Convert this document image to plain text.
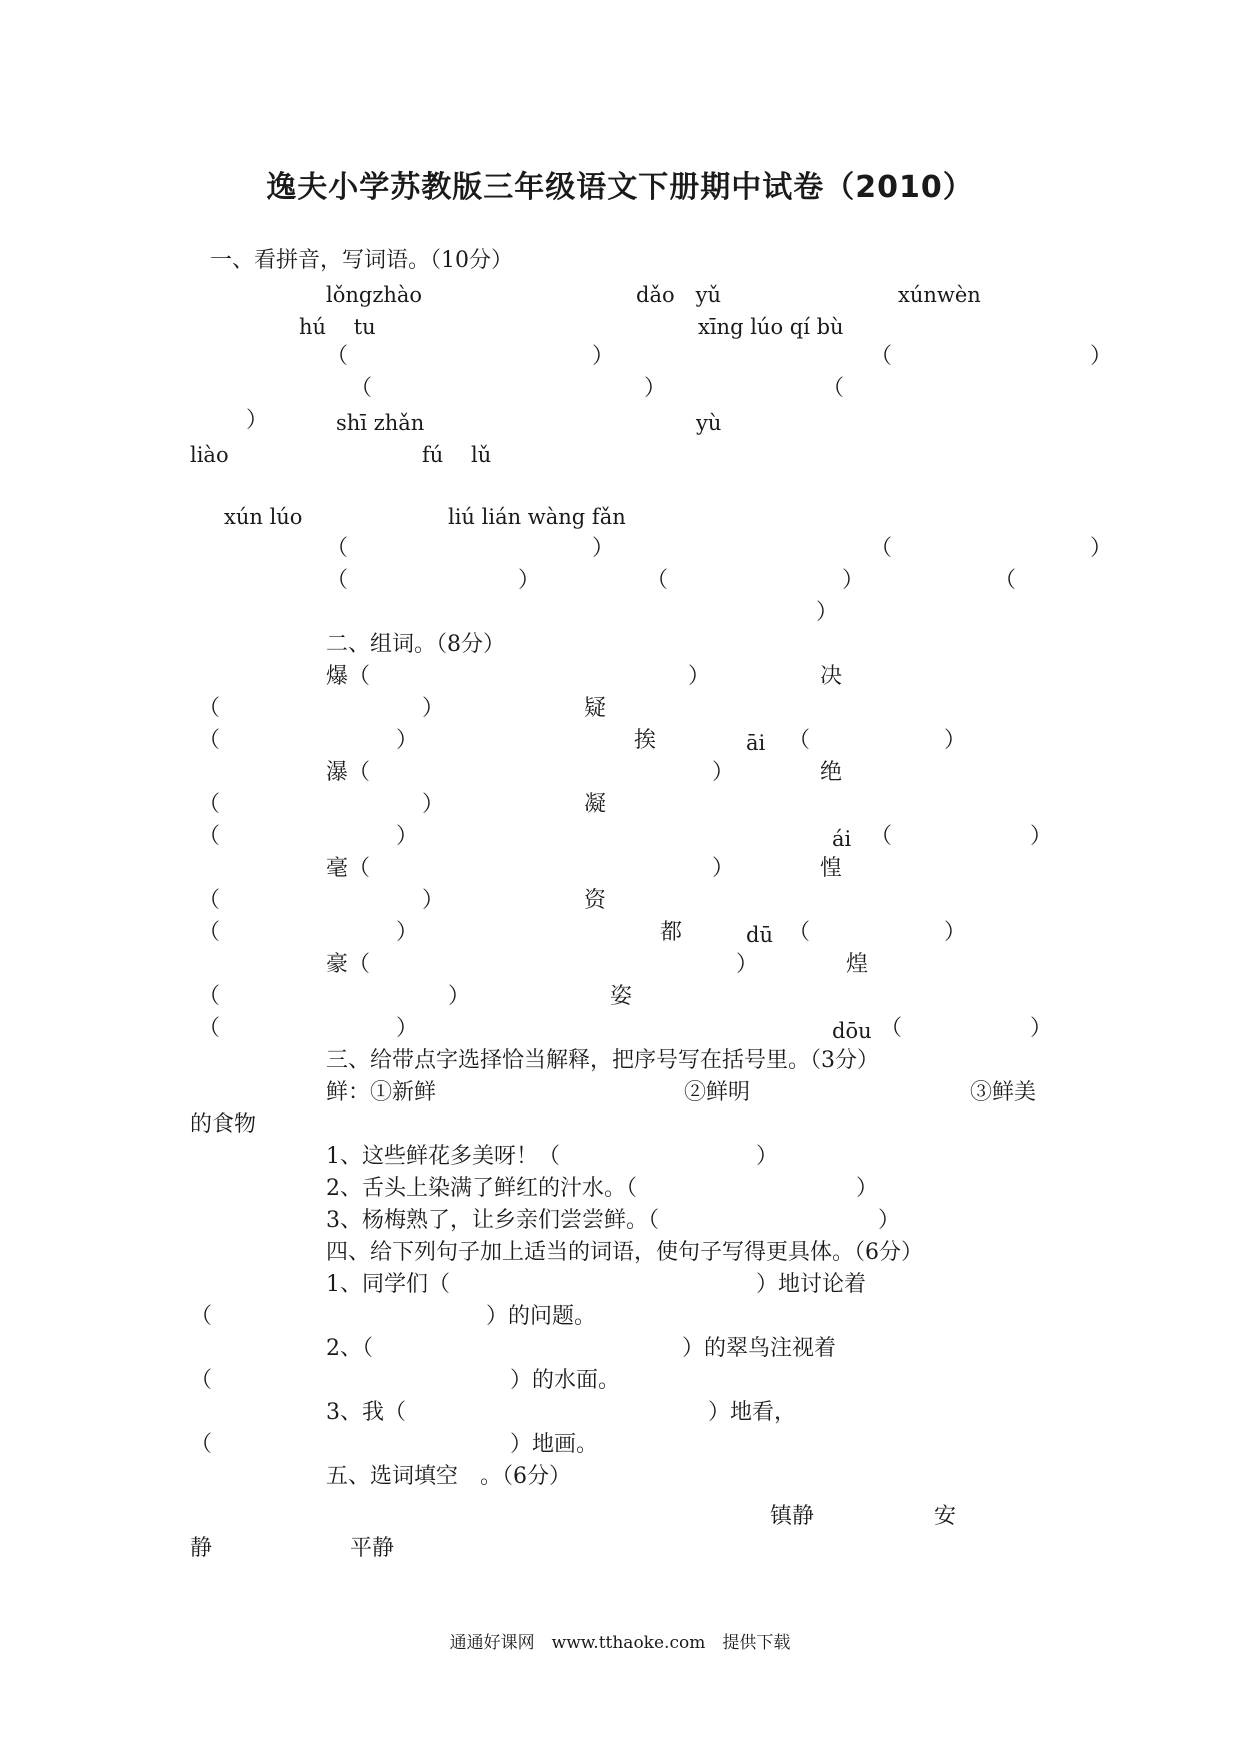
逸夫小学苏教版三年级语文下册期中试卷（2010）
一、看拼音，写词语。（10分）
lǒngzhào	dǎo　yǔ	xúnwèn
hú　 tu	xīng lúo qí bù
（	）	（	）
（	）	（
）	shī zhǎn	yù
liào	fú　 lǔ
xún lúo	liú lián wàng fǎn
（	）	（	）
（	）	（	）	（
）
二、组词。（8分）
爆（	）	决
（	）	疑
（	）	挨	āi （	）
瀑（	）	绝
（	）	凝
（	）	ái （	）
毫（	）	惶
（	）	资
（	）	都	dū （	）
豪（	）	煌
（	）	姿
（	）	dōu （	）
三、给带点字选择恰当解释，把序号写在括号里。（3分）
鲜：①新鲜	②鲜明	③鲜美
的食物
1、这些鲜花多美呀！（	）
2、舌头上染满了鲜红的汁水。（	）
3、杨梅熟了，让乡亲们尝尝鲜。（	）
四、给下列句子加上适当的词语，使句子写得更具体。（6分）
1、同学们（	）地讨论着
（	）的问题。
2、（	）的翠鸟注视着
（	）的水面。
3、我（	）地看，
（	）地画。
五、选词填空　。（6分）
镇静	安
静	平静
通通好课网　www.tthaoke.com　提供下载
